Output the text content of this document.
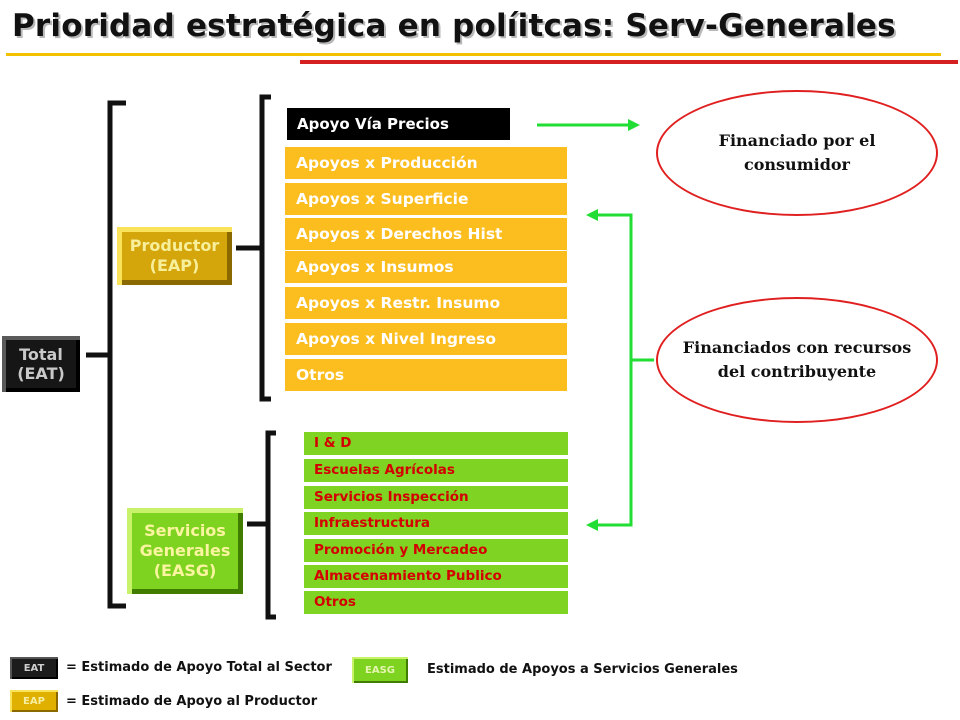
Prioridad estratégica en políitcas: Serv-Generales
Total
(EAT)
Productor
(EAP)
Servicios
Generales
(EASG)
Apoyo Vía Precios
Apoyos x Producción
Apoyos x Superficie
Apoyos x Derechos Hist
Apoyos x Insumos
Apoyos x Restr. Insumo
Apoyos x Nivel Ingreso
Otros
I & D
Escuelas Agrícolas
Servicios Inspección
Infraestructura
Promoción y Mercadeo
Almacenamiento Publico
Otros
Financiado por el
consumidor
Financiados con recursos
del contribuyente
EAT	= Estimado de Apoyo Total al Sector	EASG	Estimado de Apoyos a Servicios Generales
EAP	= Estimado de Apoyo al Productor
